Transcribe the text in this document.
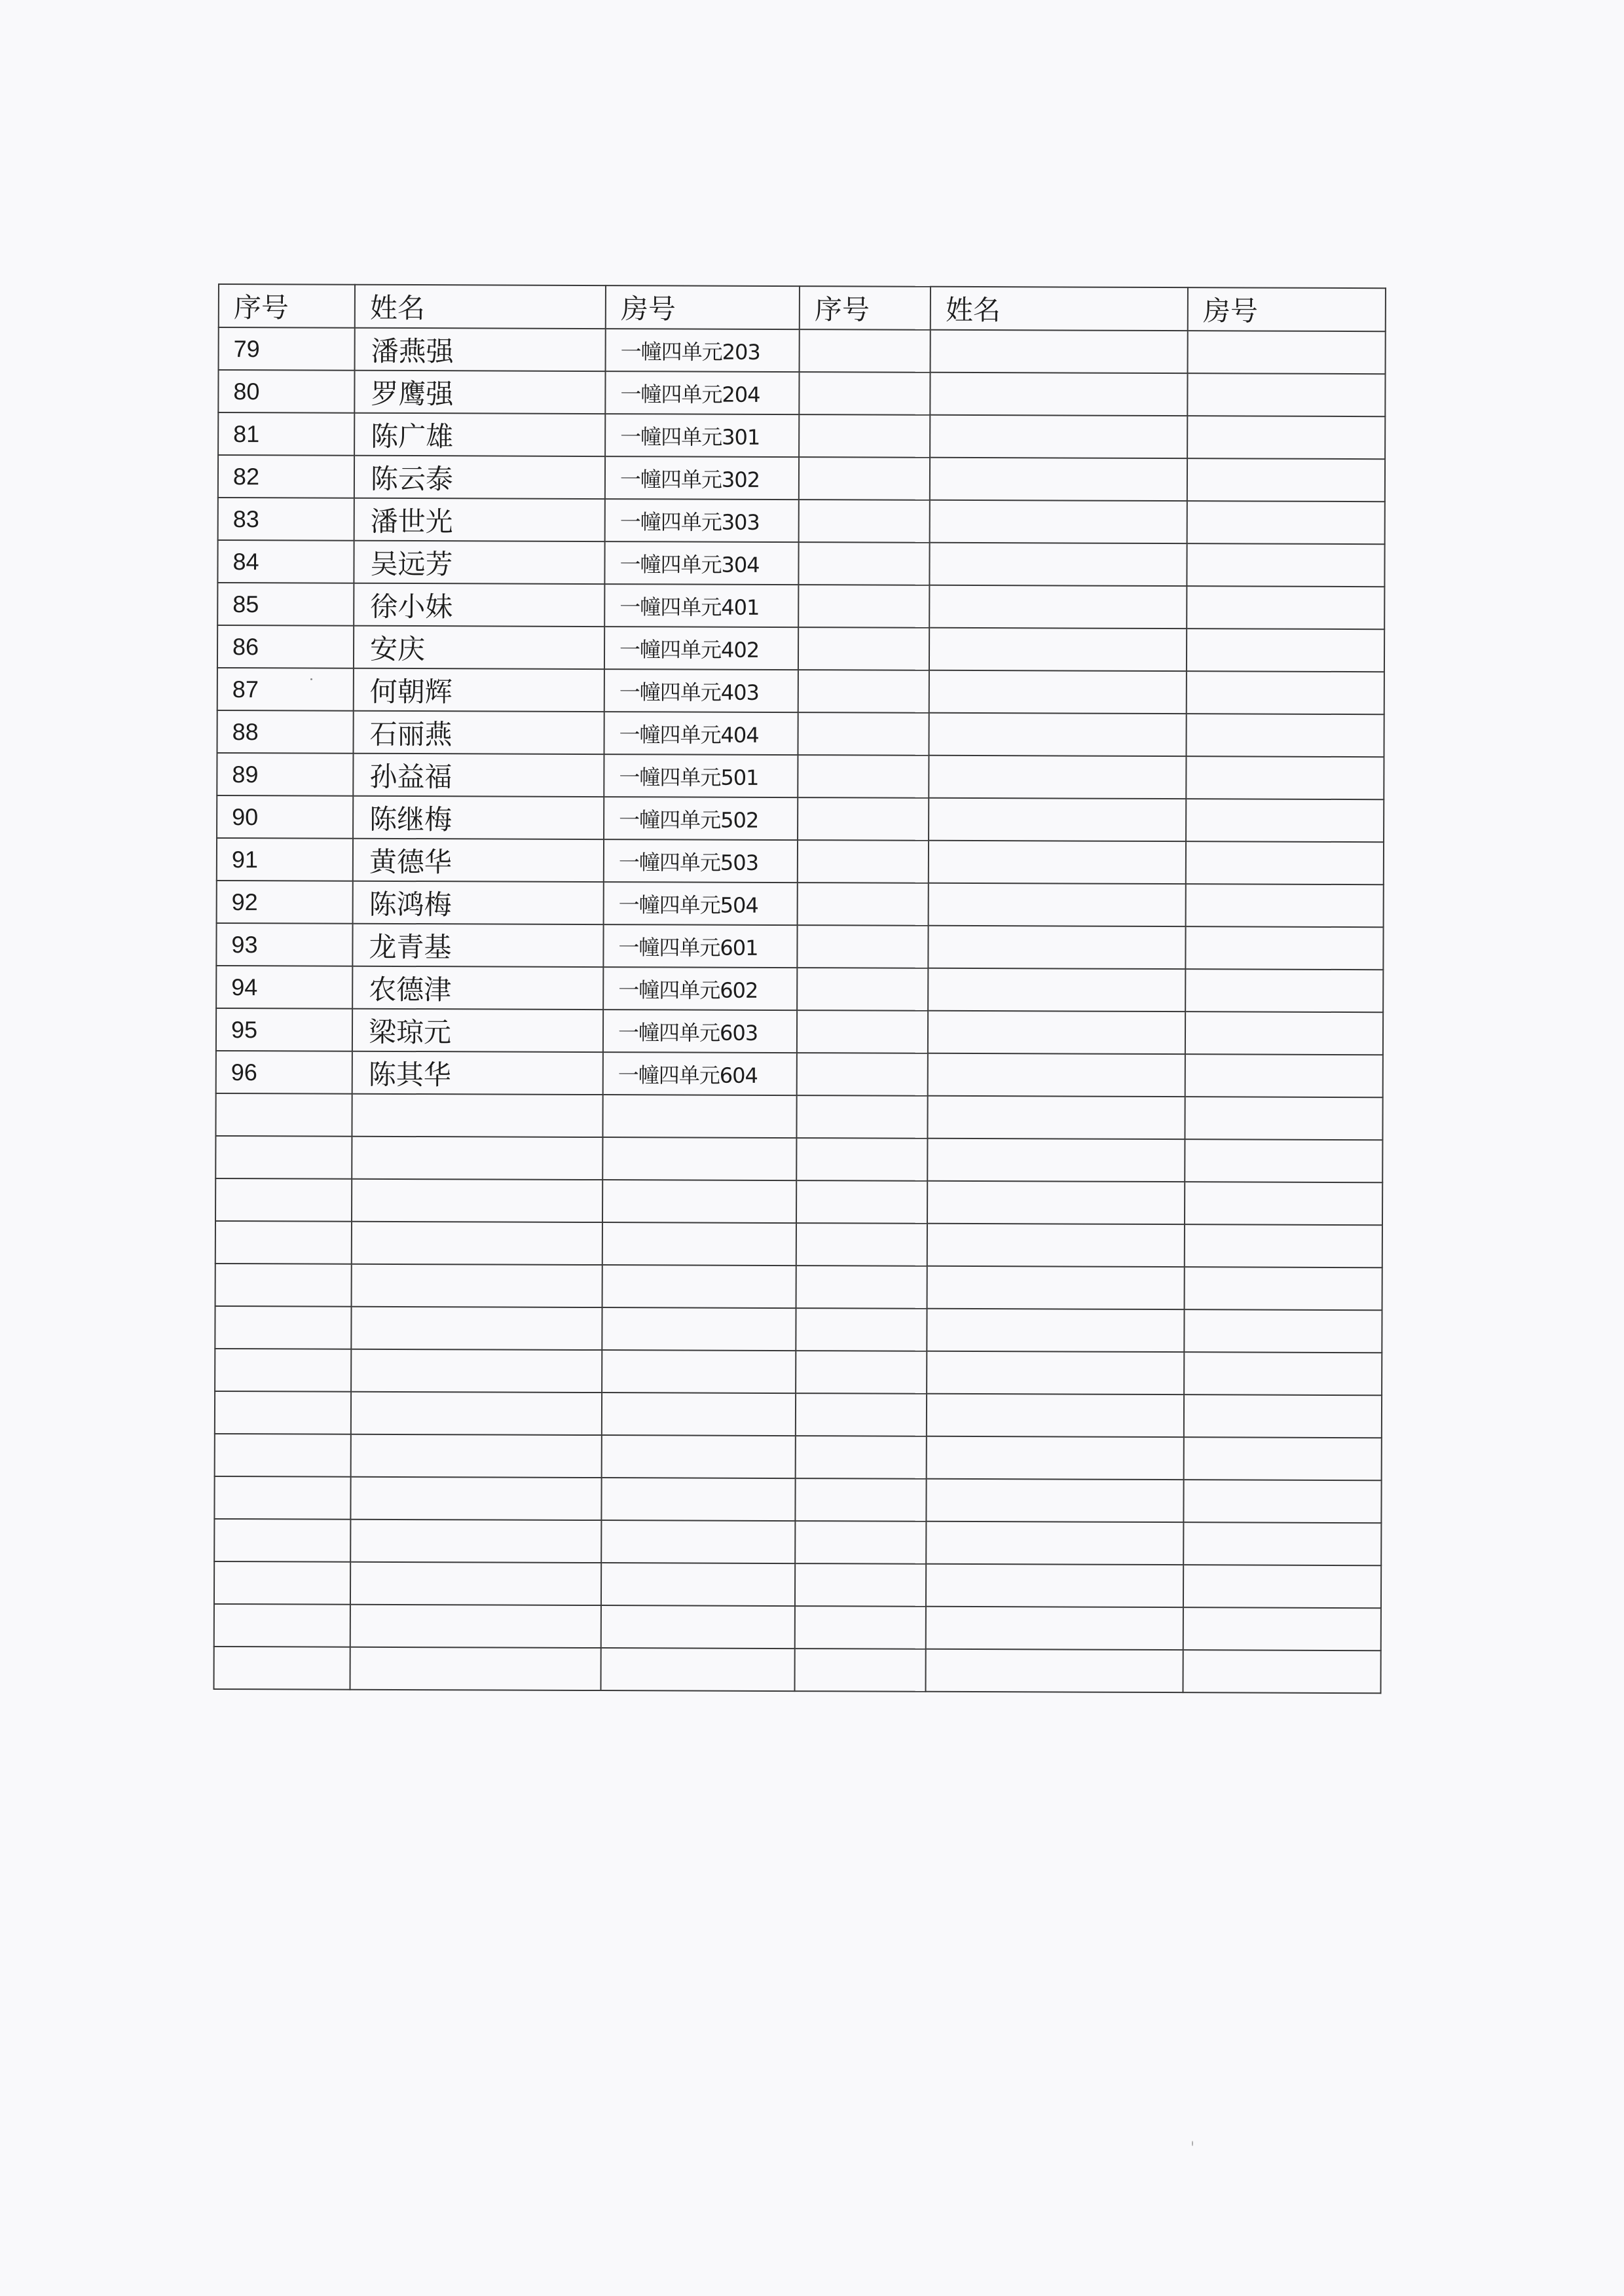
序号	姓名	房号	序号	姓名	房号
79	潘燕强	一幢四单元203			
80	罗鹰强	一幢四单元204			
81	陈广雄	一幢四单元301			
82	陈云泰	一幢四单元302			
83	潘世光	一幢四单元303			
84	吴远芳	一幢四单元304			
85	徐小妹	一幢四单元401			
86	安庆	一幢四单元402			
87	何朝辉	一幢四单元403			
88	石丽燕	一幢四单元404			
89	孙益福	一幢四单元501			
90	陈继梅	一幢四单元502			
91	黄德华	一幢四单元503			
92	陈鸿梅	一幢四单元504			
93	龙青基	一幢四单元601			
94	农德津	一幢四单元602			
95	梁琼元	一幢四单元603			
96	陈其华	一幢四单元604			
